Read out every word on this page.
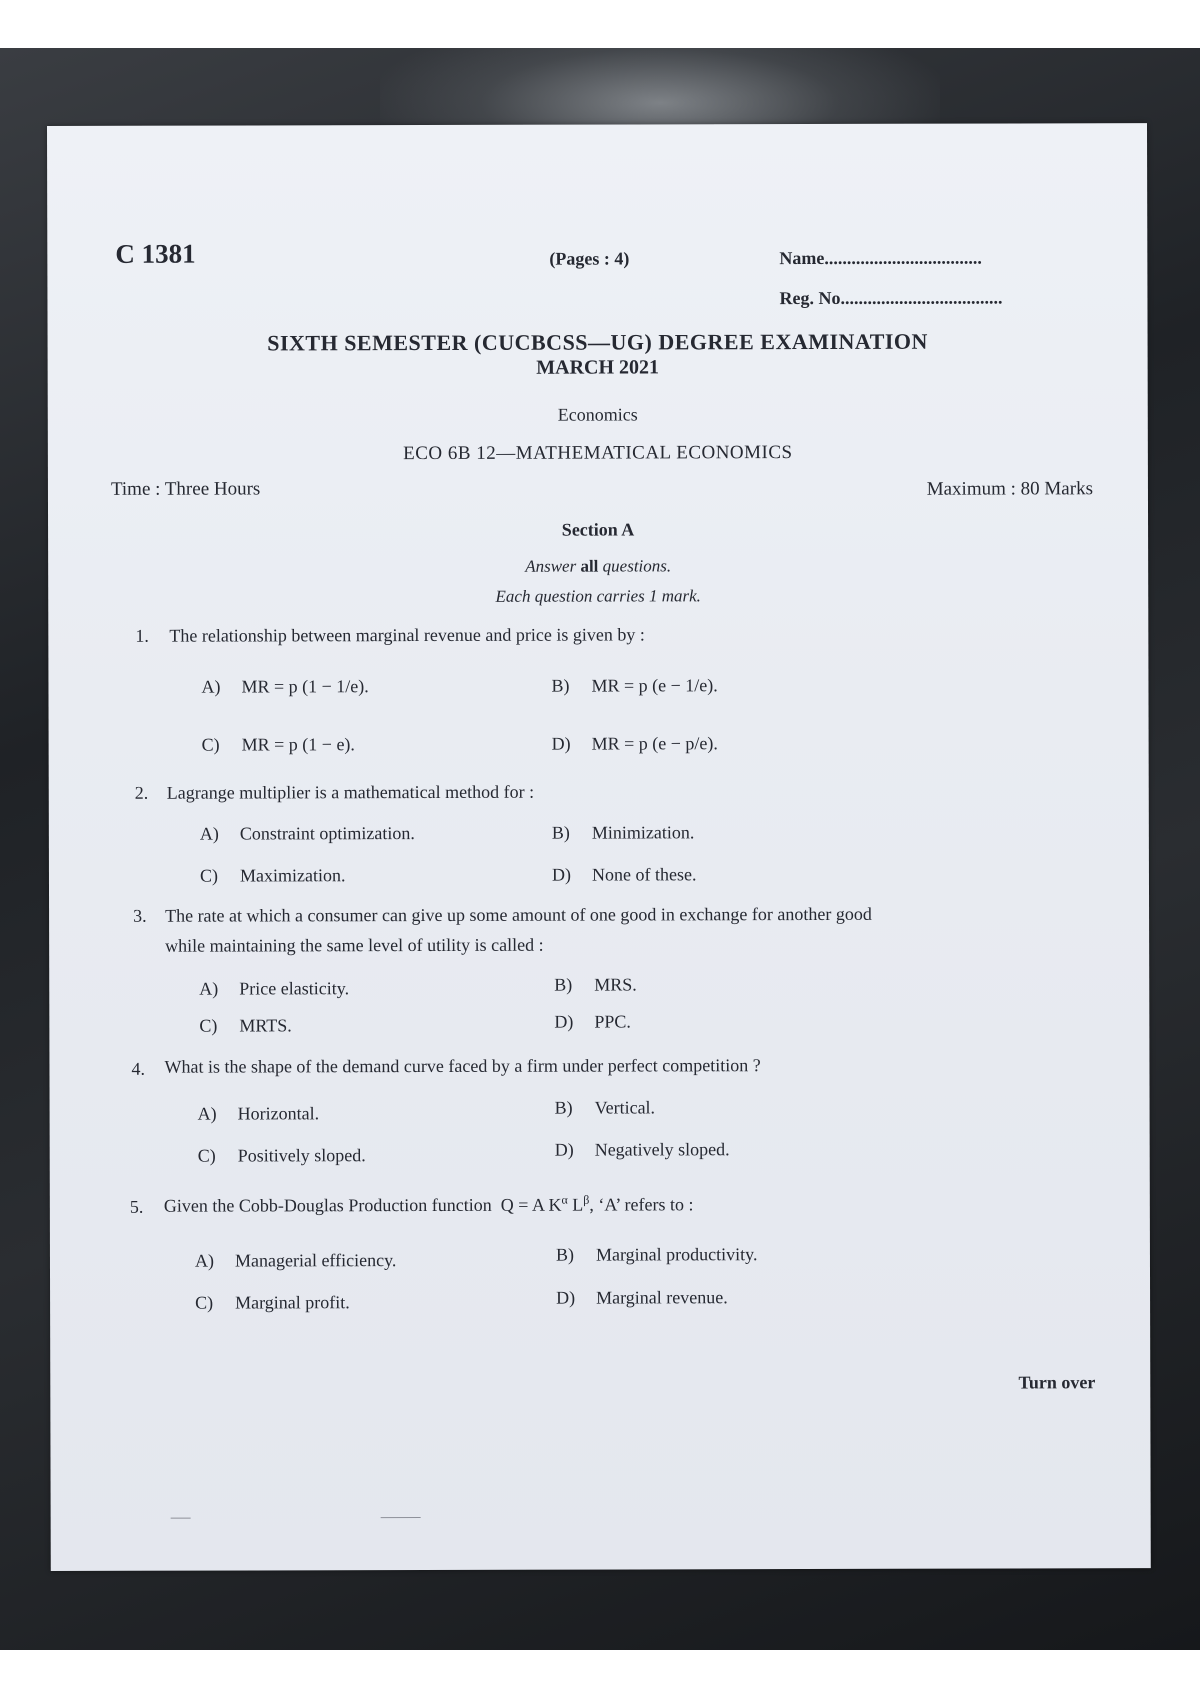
C 1381	(Pages : 4)	Name...................................
Reg. No....................................
SIXTH SEMESTER (CUCBCSS—UG) DEGREE EXAMINATION
MARCH 2021
Economics
ECO 6B 12—MATHEMATICAL ECONOMICS
Time : Three Hours	Maximum : 80 Marks
Section A
Answer all questions.
Each question carries 1 mark.
1. The relationship between marginal revenue and price is given by :
A) MR = p (1 − 1/e).	B) MR = p (e − 1/e).
C) MR = p (1 − e).	D) MR = p (e − p/e).
2. Lagrange multiplier is a mathematical method for :
A) Constraint optimization.	B) Minimization.
C) Maximization.	D) None of these.
3. The rate at which a consumer can give up some amount of one good in exchange for another good
while maintaining the same level of utility is called :
A) Price elasticity.	B) MRS.
C) MRTS.	D) PPC.
4. What is the shape of the demand curve faced by a firm under perfect competition ?
A) Horizontal.	B) Vertical.
C) Positively sloped.	D) Negatively sloped.
5. Given the Cobb-Douglas Production function Q = A $K^\alpha$ $L^\beta$, ‘A’ refers to :
A) Managerial efficiency.	B) Marginal productivity.
C) Marginal profit.	D) Marginal revenue.
Turn over
